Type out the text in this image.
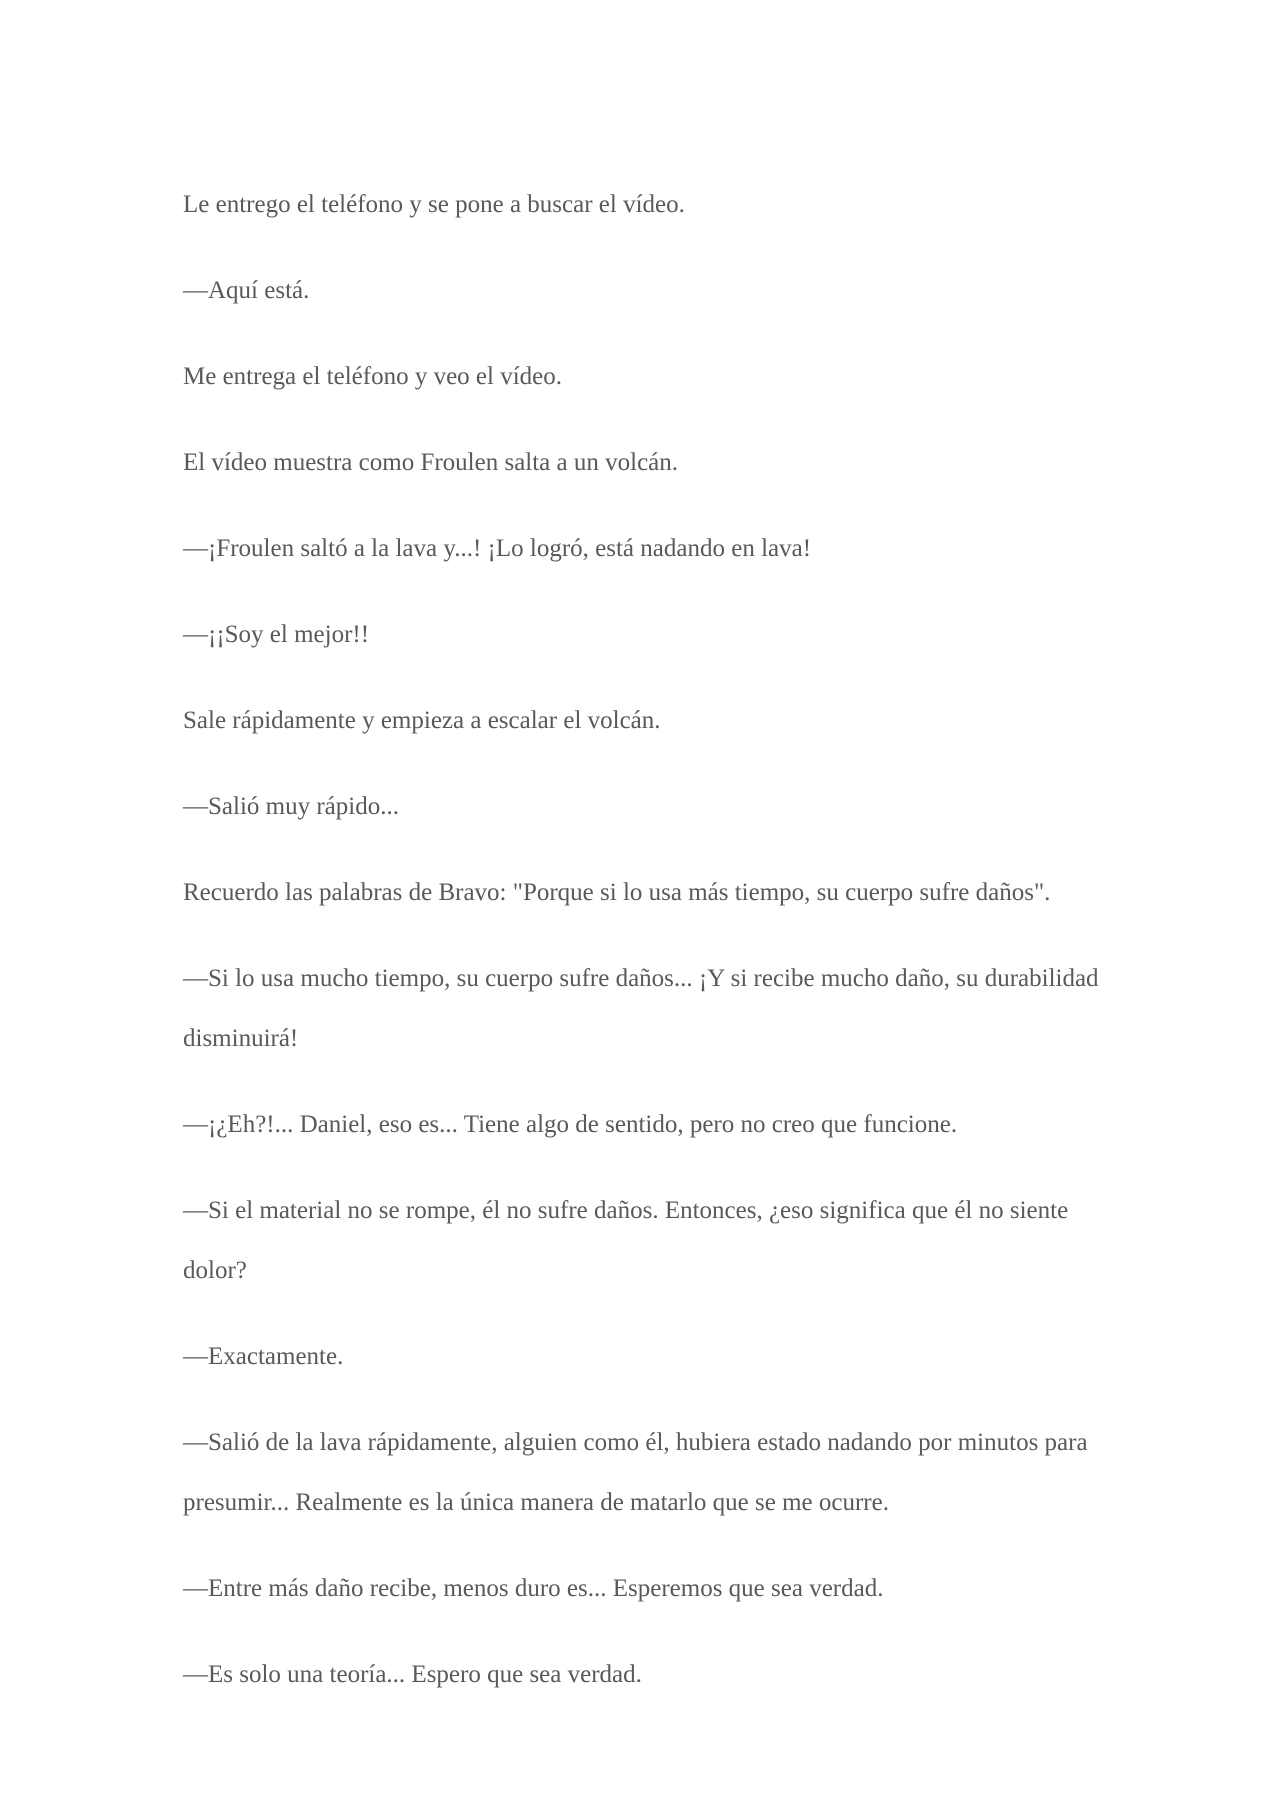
Le entrego el teléfono y se pone a buscar el vídeo.

—Aquí está.

Me entrega el teléfono y veo el vídeo.

El vídeo muestra como Froulen salta a un volcán.

—¡Froulen saltó a la lava y...! ¡Lo logró, está nadando en lava!

—¡¡Soy el mejor!!

Sale rápidamente y empieza a escalar el volcán.

—Salió muy rápido...

Recuerdo las palabras de Bravo: "Porque si lo usa más tiempo, su cuerpo sufre daños".

—Si lo usa mucho tiempo, su cuerpo sufre daños... ¡Y si recibe mucho daño, su durabilidad disminuirá!

—¡¿Eh?!... Daniel, eso es... Tiene algo de sentido, pero no creo que funcione.

—Si el material no se rompe, él no sufre daños. Entonces, ¿eso significa que él no siente dolor?

—Exactamente.

—Salió de la lava rápidamente, alguien como él, hubiera estado nadando por minutos para presumir... Realmente es la única manera de matarlo que se me ocurre.

—Entre más daño recibe, menos duro es... Esperemos que sea verdad.

—Es solo una teoría... Espero que sea verdad.
